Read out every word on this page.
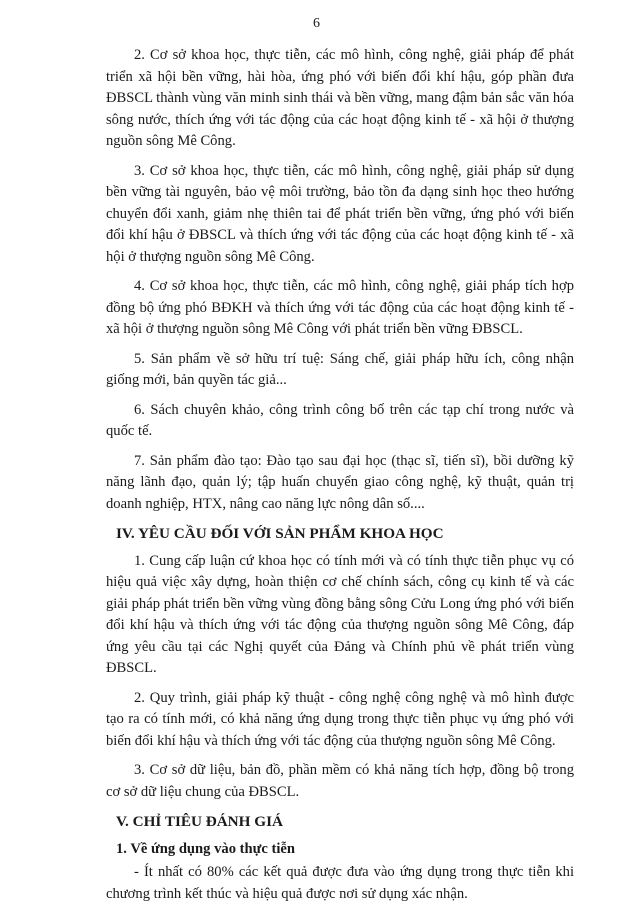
6

2. Cơ sở khoa học, thực tiễn, các mô hình, công nghệ, giải pháp để phát triển xã hội bền vững, hài hòa, ứng phó với biến đổi khí hậu, góp phần đưa ĐBSCL thành vùng văn minh sinh thái và bền vững, mang đậm bản sắc văn hóa sông nước, thích ứng với tác động của các hoạt động kinh tế - xã hội ở thượng nguồn sông Mê Công.

3. Cơ sở khoa học, thực tiễn, các mô hình, công nghệ, giải pháp sử dụng bền vững tài nguyên, bảo vệ môi trường, bảo tồn đa dạng sinh học theo hướng chuyển đổi xanh, giảm nhẹ thiên tai để phát triển bền vững, ứng phó với biến đổi khí hậu ở ĐBSCL và thích ứng với tác động của các hoạt động kinh tế - xã hội ở thượng nguồn sông Mê Công.

4. Cơ sở khoa học, thực tiễn, các mô hình, công nghệ, giải pháp tích hợp đồng bộ ứng phó BĐKH và thích ứng với tác động của các hoạt động kinh tế - xã hội ở thượng nguồn sông Mê Công với phát triển bền vững ĐBSCL.

5. Sản phẩm về sở hữu trí tuệ: Sáng chế, giải pháp hữu ích, công nhận giống mới, bản quyền tác giả...

6. Sách chuyên khảo, công trình công bố trên các tạp chí trong nước và quốc tế.

7. Sản phẩm đào tạo: Đào tạo sau đại học (thạc sĩ, tiến sĩ), bồi dưỡng kỹ năng lãnh đạo, quản lý; tập huấn chuyển giao công nghệ, kỹ thuật, quản trị doanh nghiệp, HTX, nâng cao năng lực nông dân số....

IV. YÊU CẦU ĐỐI VỚI SẢN PHẨM KHOA HỌC

1. Cung cấp luận cứ khoa học có tính mới và có tính thực tiễn phục vụ có hiệu quả việc xây dựng, hoàn thiện cơ chế chính sách, công cụ kinh tế và các giải pháp phát triển bền vững vùng đồng bằng sông Cửu Long ứng phó với biến đổi khí hậu và thích ứng với tác động của thượng nguồn sông Mê Công, đáp ứng yêu cầu tại các Nghị quyết của Đảng và Chính phủ về phát triển vùng ĐBSCL.

2. Quy trình, giải pháp kỹ thuật - công nghệ công nghệ và mô hình được tạo ra có tính mới, có khả năng ứng dụng trong thực tiễn phục vụ ứng phó với biến đổi khí hậu và thích ứng với tác động của thượng nguồn sông Mê Công.

3. Cơ sở dữ liệu, bản đồ, phần mềm có khả năng tích hợp, đồng bộ trong cơ sở dữ liệu chung của ĐBSCL.

V. CHỈ TIÊU ĐÁNH GIÁ
1. Về ứng dụng vào thực tiễn

- Ít nhất có 80% các kết quả được đưa vào ứng dụng trong thực tiễn khi chương trình kết thúc và hiệu quả được nơi sử dụng xác nhận.
